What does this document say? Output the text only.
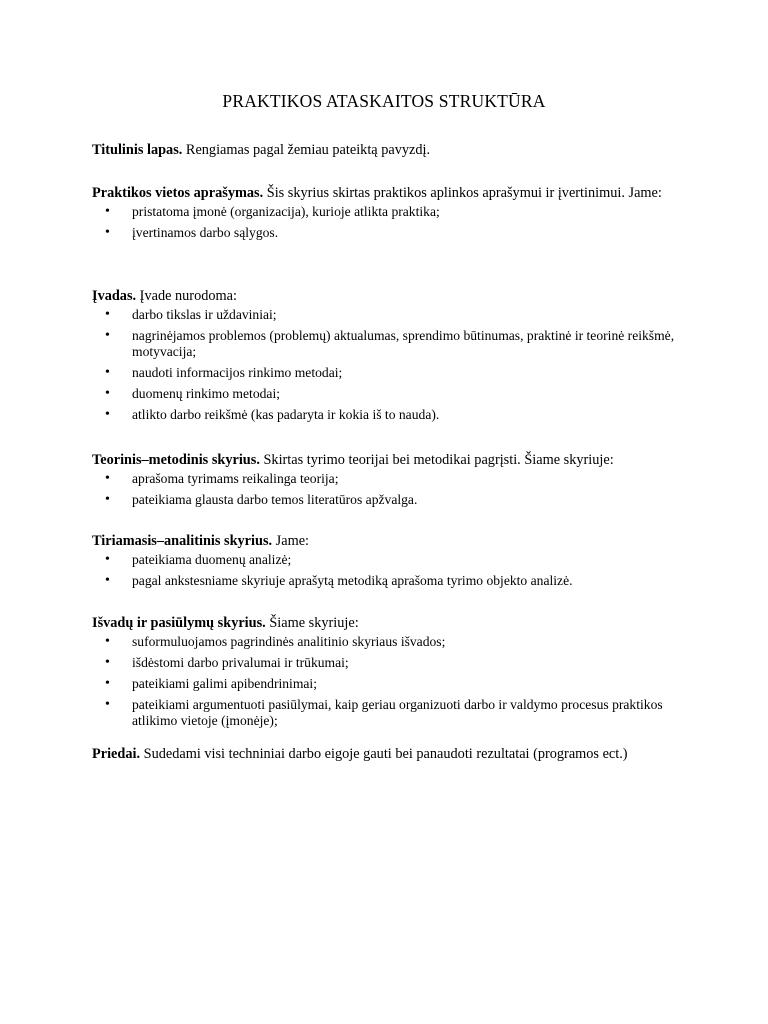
PRAKTIKOS ATASKAITOS STRUKTŪRA

Titulinis lapas. Rengiamas pagal žemiau pateiktą pavyzdį.

Praktikos vietos aprašymas. Šis skyrius skirtas praktikos aplinkos aprašymui ir įvertinimui. Jame:

• pristatoma įmonė (organizacija), kurioje atlikta praktika;
• įvertinamos darbo sąlygos.

Įvadas. Įvade nurodoma:

• darbo tikslas ir uždaviniai;
• nagrinėjamos problemos (problemų) aktualumas, sprendimo būtinumas, praktinė ir teorinė reikšmė, motyvacija;
• naudoti informacijos rinkimo metodai;
• duomenų rinkimo metodai;
• atlikto darbo reikšmė (kas padaryta ir kokia iš to nauda).

Teorinis–metodinis skyrius. Skirtas tyrimo teorijai bei metodikai pagrįsti. Šiame skyriuje:

• aprašoma tyrimams reikalinga teorija;
• pateikiama glausta darbo temos literatūros apžvalga.

Tiriamasis–analitinis skyrius. Jame:

• pateikiama duomenų analizė;
• pagal ankstesniame skyriuje aprašytą metodiką aprašoma tyrimo objekto analizė.

Išvadų ir pasiūlymų skyrius. Šiame skyriuje:

• suformuluojamos pagrindinės analitinio skyriaus išvados;
• išdėstomi darbo privalumai ir trūkumai;
• pateikiami galimi apibendrinimai;
• pateikiami argumentuoti pasiūlymai, kaip geriau organizuoti darbo ir valdymo procesus praktikos atlikimo vietoje (įmonėje);

Priedai. Sudedami visi techniniai darbo eigoje gauti bei panaudoti rezultatai (programos ect.)
